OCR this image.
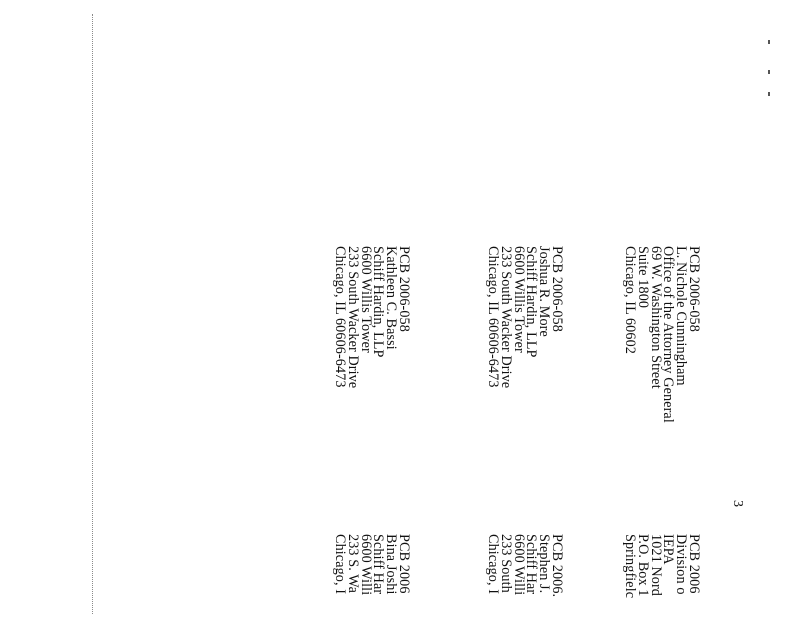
3
PCB 2006-058
L. Nichole Cunningham
Office of the Attorney General
69 W. Washington Street
Suite 1800
Chicago, IL 60602
PCB 2006-058
Joshua R. More
Schiff Hardin, LLP
6600 Willis Tower
233 South Wacker Drive
Chicago, IL 60606-6473
PCB 2006-058
Kathleen C. Bassi
Schiff Hardin, LLP
6600 Willis Tower
233 South Wacker Drive
Chicago, IL 60606-6473
PCB 2006
Division o
IEPA
1021 Nord
P.O. Box 1
Springfielc
PCB 2006.
Stephen J.
Schiff Har
6600 Willi
233 South
Chicago, I
PCB 2006
Bina Joshi
Schiff Har
6600 Willi
233 S. Wa
Chicago, I
